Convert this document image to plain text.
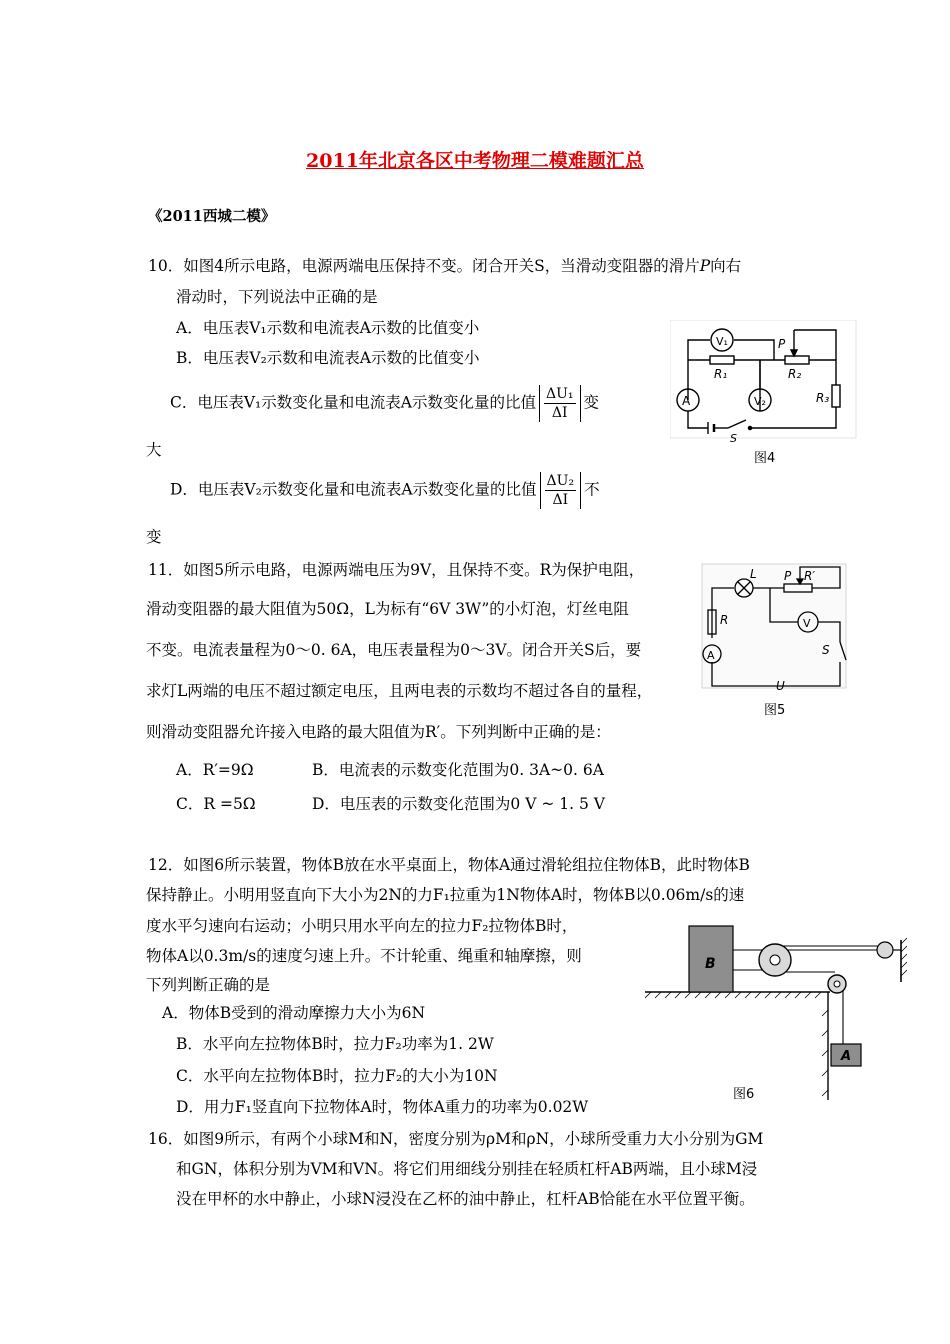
2011年北京各区中考物理二模难题汇总
《2011西城二模》
10．如图4所示电路，电源两端电压保持不变。闭合开关S，当滑动变阻器的滑片P向右
滑动时，下列说法中正确的是
A．电压表V₁示数和电流表A示数的比值变小
B．电压表V₂示数和电流表A示数的比值变小
C．电压表V₁示数变化量和电流表A示数变化量的比值 $\frac{\text{ΔU₁}}{\Delta I}$ 变
大
D．电压表V₂示数变化量和电流表A示数变化量的比值 $\frac{\text{ΔU₂}}{\Delta I}$ 不
变
V₁
A	V₂
R₁	R₂
R₃
P
S
图4
11．如图5所示电路，电源两端电压为9V，且保持不变。R为保护电阻，
滑动变阻器的最大阻值为50Ω，L为标有“6V 3W”的小灯泡，灯丝电阻
不变。电流表量程为0～0. 6A，电压表量程为0～3V。闭合开关S后，要
求灯L两端的电压不超过额定电压，且两电表的示数均不超过各自的量程，
则滑动变阻器允许接入电路的最大阻值为R′。下列判断中正确的是：
A．R′=9Ω	B．电流表的示数变化范围为0. 3A~0. 6A
C．R =5Ω	D．电压表的示数变化范围为0 V ~ 1. 5 V
L P R′
R	V
A	S
U
图5
12．如图6所示装置，物体B放在水平桌面上，物体A通过滑轮组拉住物体B，此时物体B
保持静止。小明用竖直向下大小为2N的力F₁拉重为1N物体A时，物体B以0.06m/s的速
度水平匀速向右运动；小明只用水平向左的拉力F₂拉物体B时，
物体A以0.3m/s的速度匀速上升。不计轮重、绳重和轴摩擦，则
下列判断正确的是
A．物体B受到的滑动摩擦力大小为6N
B．水平向左拉物体B时，拉力F₂功率为1. 2W
C．水平向左拉物体B时，拉力F₂的大小为10N
D．用力F₁竖直向下拉物体A时，物体A重力的功率为0.02W
B
A
图6
16．如图9所示，有两个小球M和N，密度分别为ρM和ρN，小球所受重力大小分别为GM
和GN，体积分别为VM和VN。将它们用细线分别挂在轻质杠杆AB两端，且小球M浸
没在甲杯的水中静止，小球N浸没在乙杯的油中静止，杠杆AB恰能在水平位置平衡。
